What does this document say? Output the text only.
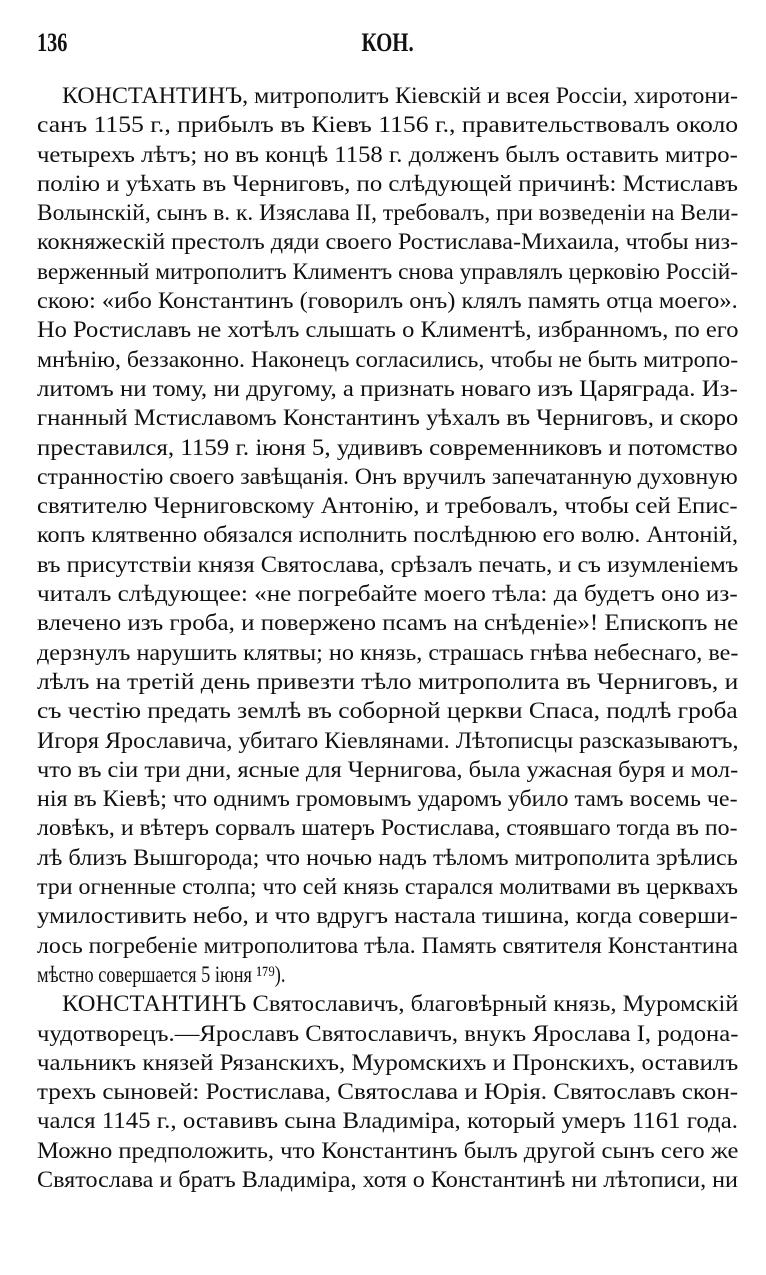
136	КОН.
КОНСТАНТИНЪ, митрополитъ Кіевскій и всея Россіи, хиротони-
санъ 1155 г., прибылъ въ Кіевъ 1156 г., правительствовалъ около
четырехъ лѣтъ; но въ концѣ 1158 г. долженъ былъ оставить митро-
полію и уѣхать въ Черниговъ, по слѣдующей причинѣ: Мстиславъ
Волынскій, сынъ в. к. Изяслава II, требовалъ, при возведеніи на Вели-
кокняжескій престолъ дяди своего Ростислава-Михаила, чтобы низ-
верженный митрополитъ Климентъ снова управлялъ церковію Россій-
скою: «ибо Константинъ (говорилъ онъ) клялъ память отца моего».
Но Ростиславъ не хотѣлъ слышать о Климентѣ, избранномъ, по его
мнѣнію, беззаконно. Наконецъ согласились, чтобы не быть митропо-
литомъ ни тому, ни другому, а признать новаго изъ Царяграда. Из-
гнанный Мстиславомъ Константинъ уѣхалъ въ Черниговъ, и скоро
преставился, 1159 г. іюня 5, удививъ современниковъ и потомство
странностію своего завѣщанія. Онъ вручилъ запечатанную духовную
святителю Черниговскому Антонію, и требовалъ, чтобы сей Епис-
копъ клятвенно обязался исполнить послѣднюю его волю. Антоній,
въ присутствіи князя Святослава, срѣзалъ печать, и съ изумленіемъ
читалъ слѣдующее: «не погребайте моего тѣла: да будетъ оно из-
влечено изъ гроба, и повержено псамъ на снѣденіе»! Епископъ не
дерзнулъ нарушить клятвы; но князь, страшась гнѣва небеснаго, ве-
лѣлъ на третій день привезти тѣло митрополита въ Черниговъ, и
съ честію предать землѣ въ соборной церкви Спаса, подлѣ гроба
Игоря Ярославича, убитаго Кіевлянами. Лѣтописцы разсказываютъ,
что въ сіи три дни, ясные для Чернигова, была ужасная буря и мол-
нія въ Кіевѣ; что однимъ громовымъ ударомъ убило тамъ восемь че-
ловѣкъ, и вѣтеръ сорвалъ шатеръ Ростислава, стоявшаго тогда въ по-
лѣ близъ Вышгорода; что ночью надъ тѣломъ митрополита зрѣлись
три огненные столпа; что сей князь старался молитвами въ церквахъ
умилостивить небо, и что вдругъ настала тишина, когда соверши-
лось погребеніе митрополитова тѣла. Память святителя Константина
мѣстно совершается 5 іюня ¹⁷⁹).
КОНСТАНТИНЪ Святославичъ, благовѣрный князь, Муромскій
чудотворецъ.—Ярославъ Святославичъ, внукъ Ярослава I, родона-
чальникъ князей Рязанскихъ, Муромскихъ и Пронскихъ, оставилъ
трехъ сыновей: Ростислава, Святослава и Юрія. Святославъ скон-
чался 1145 г., оставивъ сына Владиміра, который умеръ 1161 года.
Можно предположить, что Константинъ былъ другой сынъ сего же
Святослава и братъ Владиміра, хотя о Константинѣ ни лѣтописи, ни
